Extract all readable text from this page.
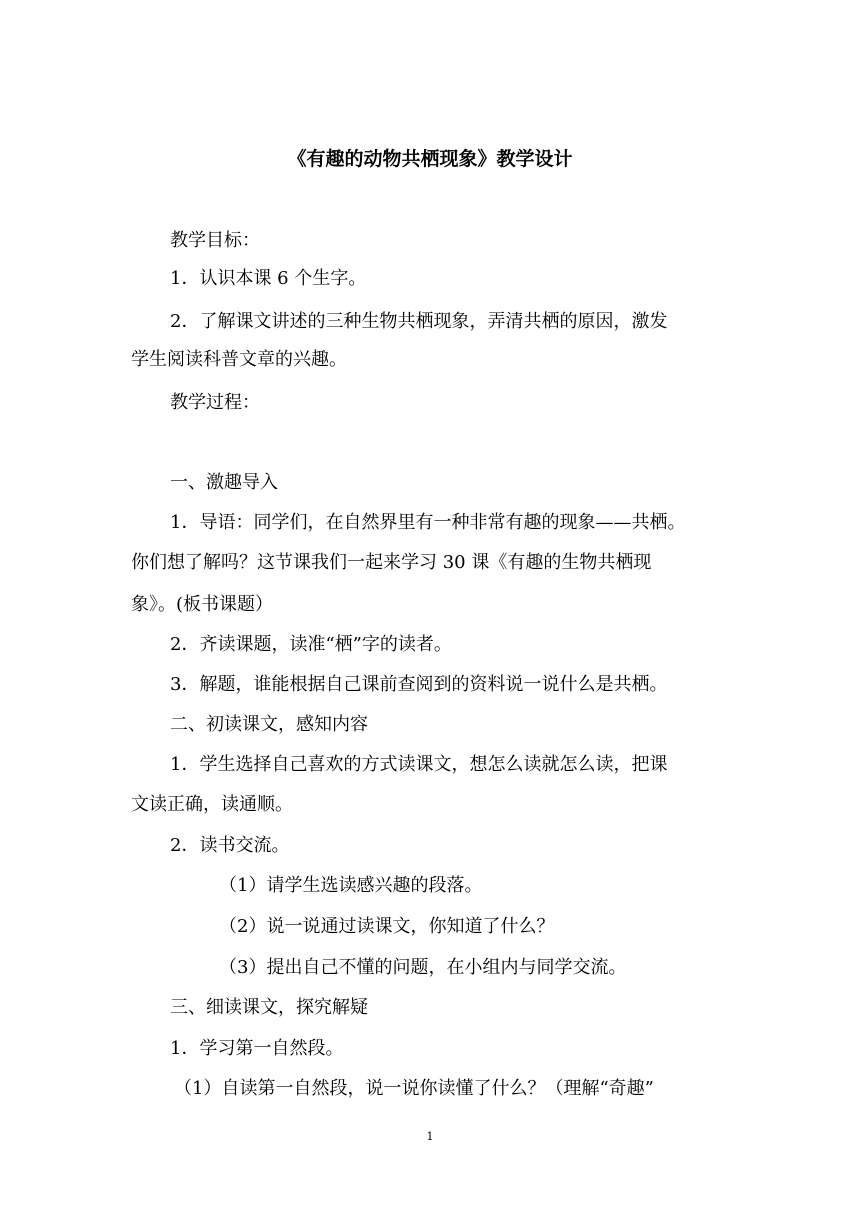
《有趣的动物共栖现象》教学设计
教学目标：
1．认识本课 6 个生字。
2．了解课文讲述的三种生物共栖现象，弄清共栖的原因，激发
学生阅读科普文章的兴趣。
教学过程：
一、激趣导入
1．导语：同学们，在自然界里有一种非常有趣的现象——共栖。
你们想了解吗？这节课我们一起来学习 30 课《有趣的生物共栖现
象》。(板书课题）
2．齐读课题，读准“栖”字的读者。
3．解题，谁能根据自己课前查阅到的资料说一说什么是共栖。
二、初读课文，感知内容
1．学生选择自己喜欢的方式读课文，想怎么读就怎么读，把课
文读正确，读通顺。
2．读书交流。
（1）请学生选读感兴趣的段落。
（2）说一说通过读课文，你知道了什么？
（3）提出自己不懂的问题，在小组内与同学交流。
三、细读课文，探究解疑
1．学习第一自然段。
（1）自读第一自然段，说一说你读懂了什么？（理解“奇趣”
1
